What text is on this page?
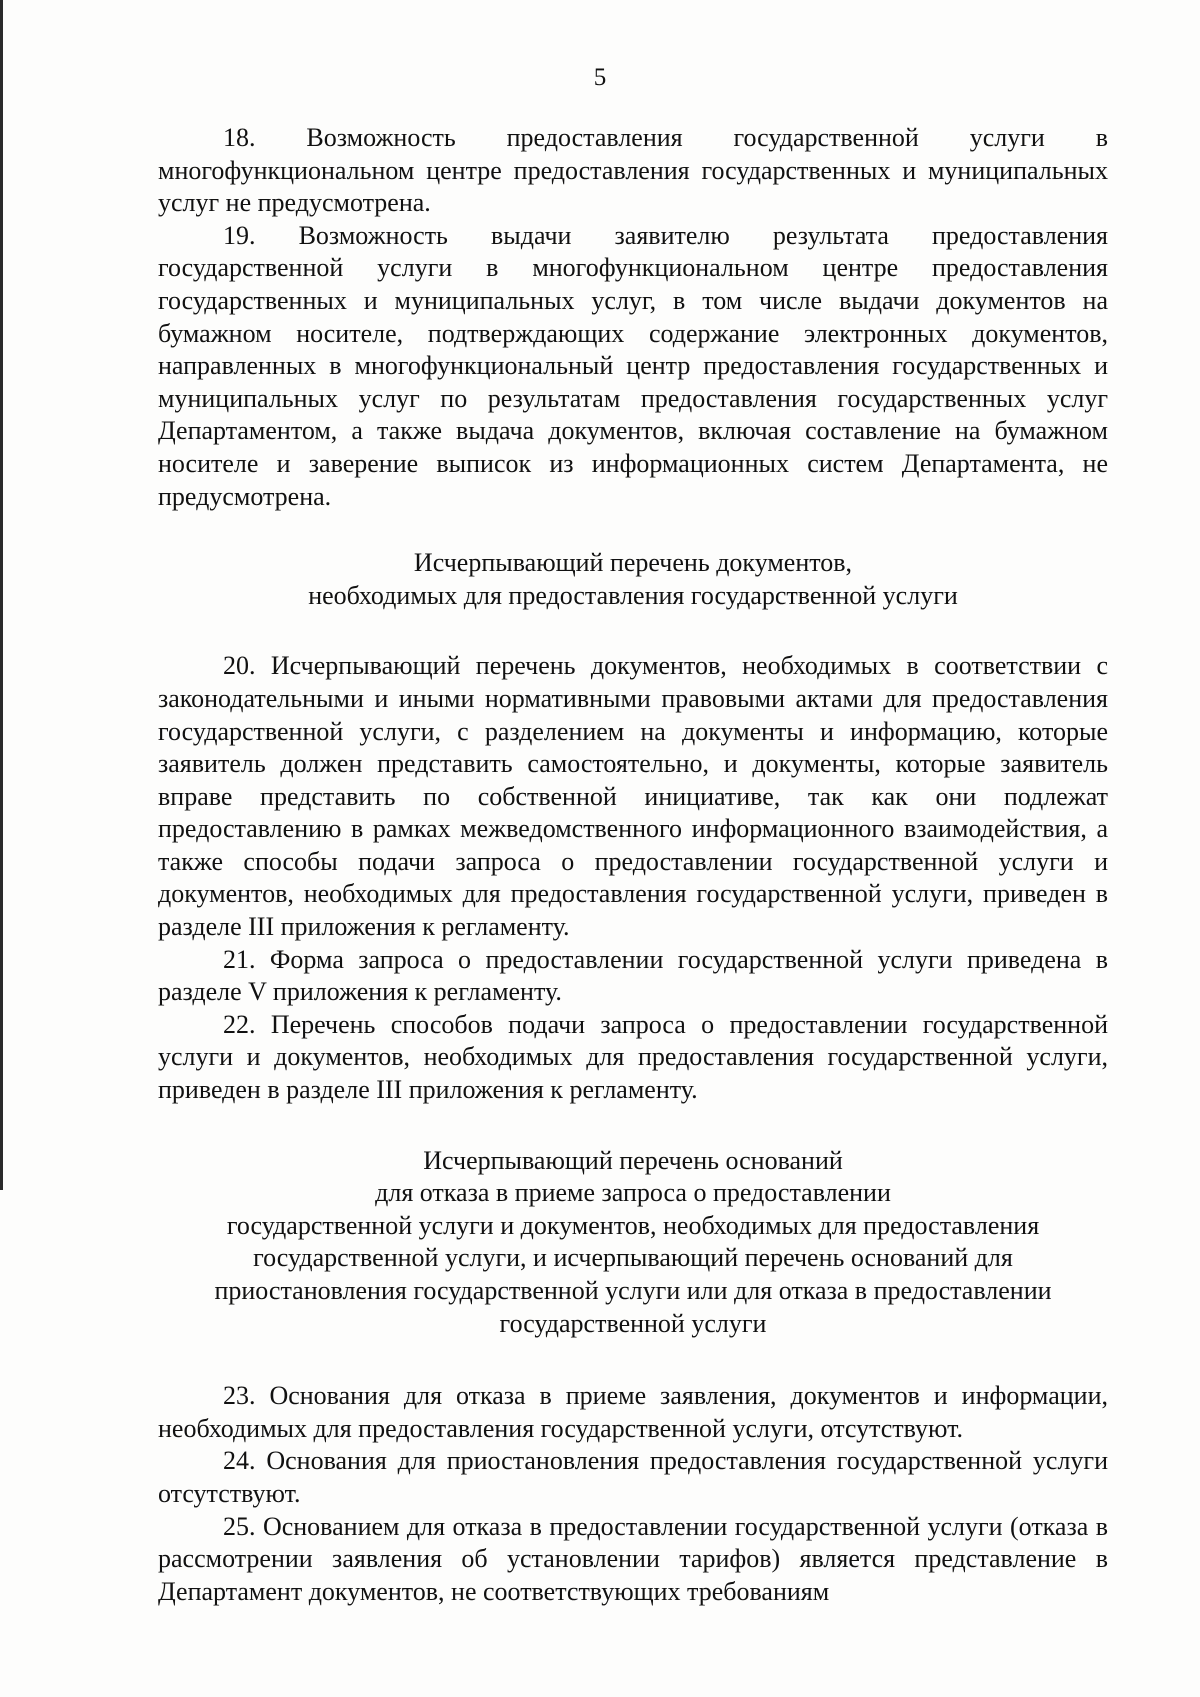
5

18. Возможность предоставления государственной услуги в многофункциональном центре предоставления государственных и муниципальных услуг не предусмотрена.

19. Возможность выдачи заявителю результата предоставления государственной услуги в многофункциональном центре предоставления государственных и муниципальных услуг, в том числе выдачи документов на бумажном носителе, подтверждающих содержание электронных документов, направленных в многофункциональный центр предоставления государственных и муниципальных услуг по результатам предоставления государственных услуг Департаментом, а также выдача документов, включая составление на бумажном носителе и заверение выписок из информационных систем Департамента, не предусмотрена.

Исчерпывающий перечень документов,

необходимых для предоставления государственной услуги

20. Исчерпывающий перечень документов, необходимых в соответствии с законодательными и иными нормативными правовыми актами для предоставления государственной услуги, с разделением на документы и информацию, которые заявитель должен представить самостоятельно, и документы, которые заявитель вправе представить по собственной инициативе, так как они подлежат предоставлению в рамках межведомственного информационного взаимодействия, а также способы подачи запроса о предоставлении государственной услуги и документов, необходимых для предоставления государственной услуги, приведен в разделе III приложения к регламенту.

21. Форма запроса о предоставлении государственной услуги приведена в разделе V приложения к регламенту.

22. Перечень способов подачи запроса о предоставлении государственной услуги и документов, необходимых для предоставления государственной услуги, приведен в разделе III приложения к регламенту.

Исчерпывающий перечень оснований

для отказа в приеме запроса о предоставлении

государственной услуги и документов, необходимых для предоставления

государственной услуги, и исчерпывающий перечень оснований для

приостановления государственной услуги или для отказа в предоставлении

государственной услуги

23. Основания для отказа в приеме заявления, документов и информации, необходимых для предоставления государственной услуги, отсутствуют.

24. Основания для приостановления предоставления государственной услуги отсутствуют.

25. Основанием для отказа в предоставлении государственной услуги (отказа в рассмотрении заявления об установлении тарифов) является представление в Департамент документов, не соответствующих требованиям
